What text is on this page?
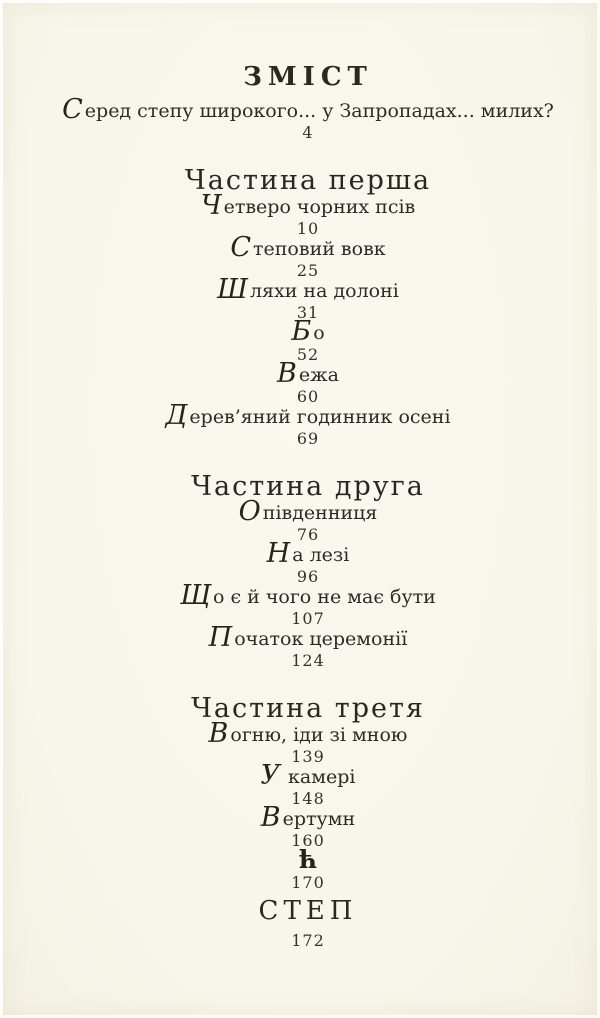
ЗМІСТ
С еред степу широкого... у Запропадах... милих?
4
Частина перша
Ч етверо чорних псів
10
С теповий вовк
25
Ш ляхи на долоні
31
Б о
52
В ежа
60
Д ерев’яний годинник осені
69
Частина друга
О південниця
76
Н а лезі
96
Щ о є й чого не має бути
107
П очаток церемонії
124
Частина третя
В огню, іди зі мною
139
У камері
148
В ертумн
160
ћ
170
СТЕП
172
